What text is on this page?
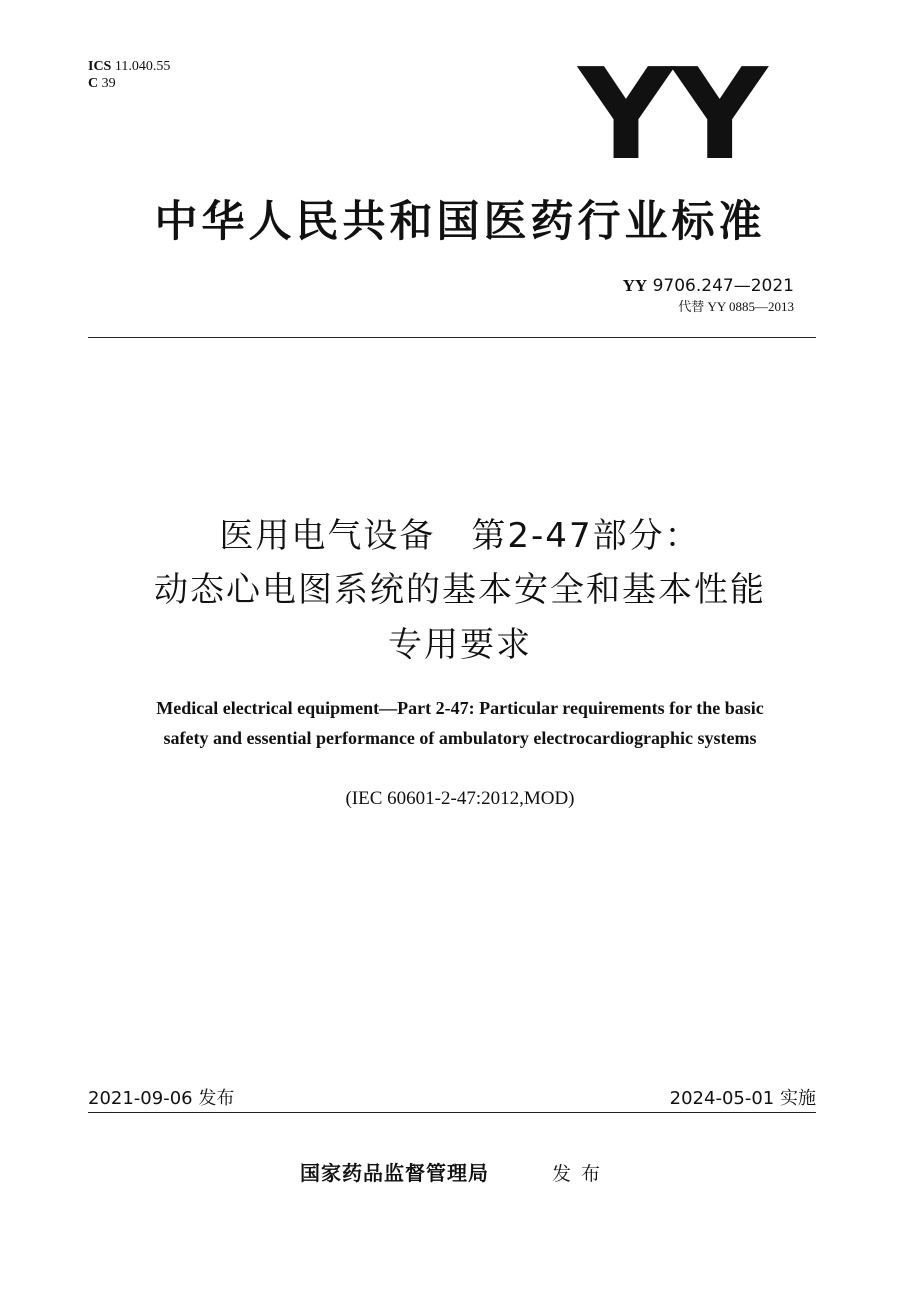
ICS 11.040.55
C 39	YY
中华人民共和国医药行业标准
YY 9706.247—2021
代替 YY 0885—2013
医用电气设备　第2-47部分：
动态心电图系统的基本安全和基本性能
专用要求
Medical electrical equipment—Part 2-47: Particular requirements for the basic
safety and essential performance of ambulatory electrocardiographic systems
(IEC 60601-2-47:2012,MOD)
2021-09-06 发布	2024-05-01 实施
国家药品监督管理局	发布
